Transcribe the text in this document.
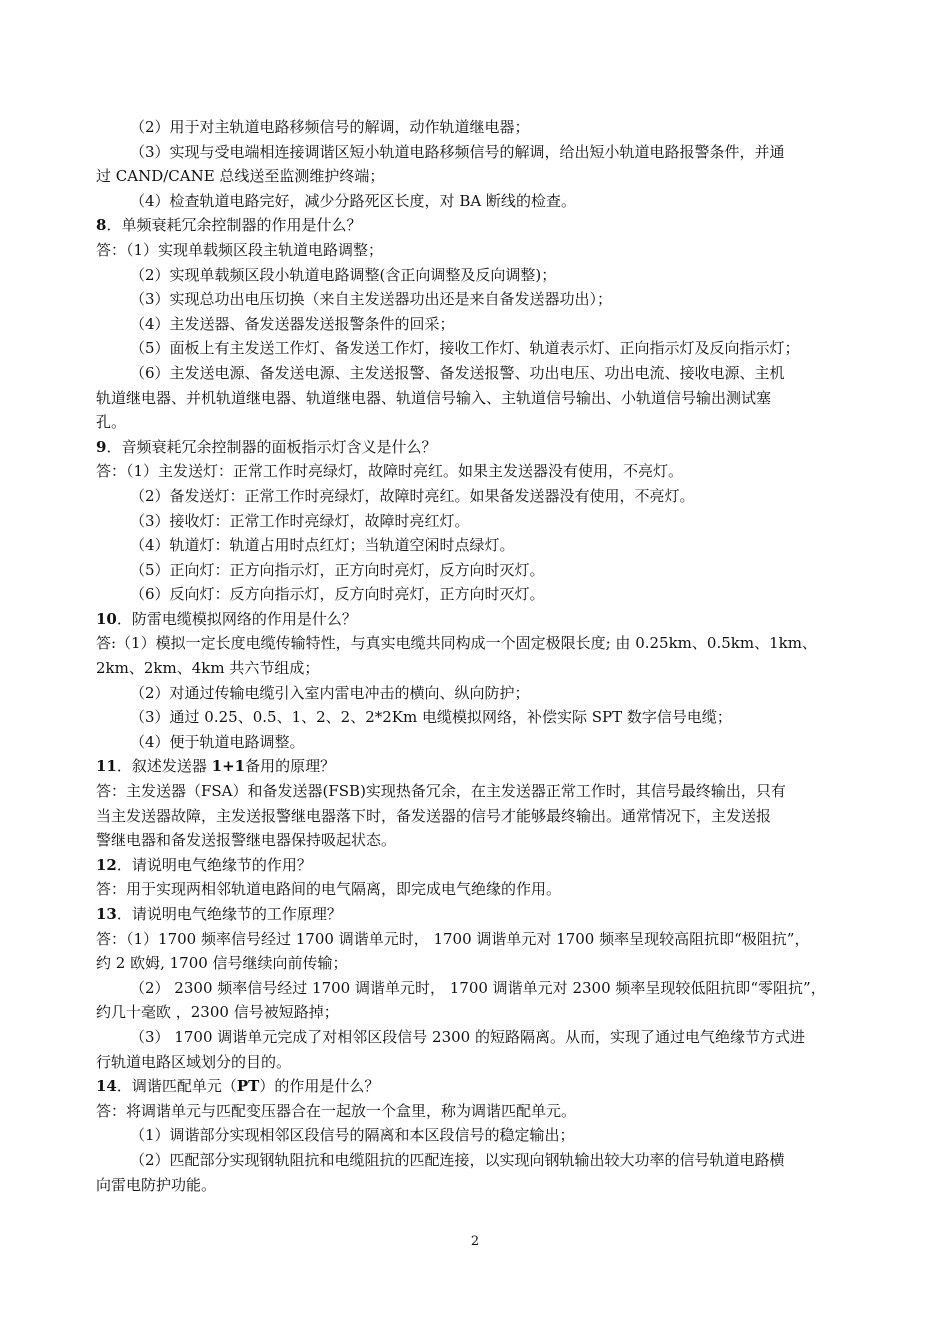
（2）用于对主轨道电路移频信号的解调，动作轨道继电器；
（3）实现与受电端相连接调谐区短小轨道电路移频信号的解调，给出短小轨道电路报警条件，并通
过 CAND/CANE 总线送至监测维护终端；
（4）检查轨道电路完好，减少分路死区长度，对 BA 断线的检查。
8．单频衰耗冗余控制器的作用是什么？
答：（1）实现单载频区段主轨道电路调整；
（2）实现单载频区段小轨道电路调整(含正向调整及反向调整)；
（3）实现总功出电压切换（来自主发送器功出还是来自备发送器功出）；
（4）主发送器、备发送器发送报警条件的回采；
（5）面板上有主发送工作灯、备发送工作灯，接收工作灯、轨道表示灯、正向指示灯及反向指示灯；
（6）主发送电源、备发送电源、主发送报警、备发送报警、功出电压、功出电流、接收电源、主机
轨道继电器、并机轨道继电器、轨道继电器、轨道信号输入、主轨道信号输出、小轨道信号输出测试塞
孔。
9．音频衰耗冗余控制器的面板指示灯含义是什么？
答：（1）主发送灯：正常工作时亮绿灯，故障时亮红。如果主发送器没有使用，不亮灯。
（2）备发送灯：正常工作时亮绿灯，故障时亮红。如果备发送器没有使用，不亮灯。
（3）接收灯：正常工作时亮绿灯，故障时亮红灯。
（4）轨道灯：轨道占用时点红灯；当轨道空闲时点绿灯。
（5）正向灯：正方向指示灯，正方向时亮灯，反方向时灭灯。
（6）反向灯：反方向指示灯，反方向时亮灯，正方向时灭灯。
10．防雷电缆模拟网络的作用是什么？
答:（1）模拟一定长度电缆传输特性，与真实电缆共同构成一个固定极限长度; 由 0.25km、0.5km、1km、
2km、2km、4km 共六节组成；
（2）对通过传输电缆引入室内雷电冲击的横向、纵向防护；
（3）通过 0.25、0.5、1、2、2、2*2Km 电缆模拟网络，补偿实际 SPT 数字信号电缆；
（4）便于轨道电路调整。
11．叙述发送器 1+1备用的原理？
答：主发送器（FSA）和备发送器(FSB)实现热备冗余，在主发送器正常工作时，其信号最终输出，只有
当主发送器故障，主发送报警继电器落下时，备发送器的信号才能够最终输出。通常情况下，主发送报
警继电器和备发送报警继电器保持吸起状态。
12．请说明电气绝缘节的作用？
答：用于实现两相邻轨道电路间的电气隔离，即完成电气绝缘的作用。
13．请说明电气绝缘节的工作原理？
答：（1）1700 频率信号经过 1700 调谐单元时， 1700 调谐单元对 1700 频率呈现较高阻抗即“极阻抗”，
约 2 欧姆, 1700 信号继续向前传输；
（2） 2300 频率信号经过 1700 调谐单元时， 1700 调谐单元对 2300 频率呈现较低阻抗即“零阻抗”，
约几十毫欧 ，2300 信号被短路掉；
（3） 1700 调谐单元完成了对相邻区段信号 2300 的短路隔离。从而，实现了通过电气绝缘节方式进
行轨道电路区域划分的目的。
14．调谐匹配单元（PT）的作用是什么？
答：将调谐单元与匹配变压器合在一起放一个盒里，称为调谐匹配单元。
（1）调谐部分实现相邻区段信号的隔离和本区段信号的稳定输出；
（2）匹配部分实现钢轨阻抗和电缆阻抗的匹配连接，以实现向钢轨输出较大功率的信号轨道电路横
向雷电防护功能。
2
